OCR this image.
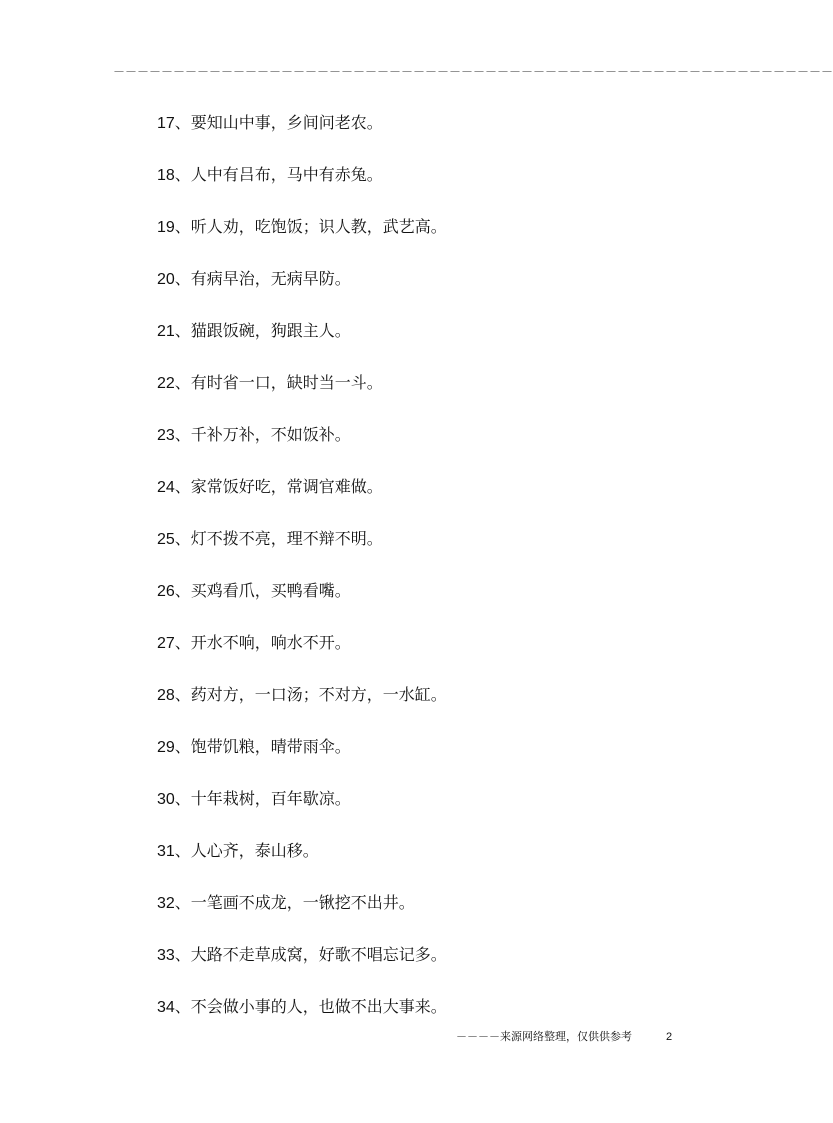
－－－－－－－－－－－－－－－－－－－－－－－－－－－－－－－－－－－－－－－－－－－－－－－－－－－－－－－－－－－－
17、要知山中事，乡间问老农。
18、人中有吕布，马中有赤兔。
19、听人劝，吃饱饭；识人教，武艺高。
20、有病早治，无病早防。
21、猫跟饭碗，狗跟主人。
22、有时省一口，缺时当一斗。
23、千补万补，不如饭补。
24、家常饭好吃，常调官难做。
25、灯不拨不亮，理不辩不明。
26、买鸡看爪，买鸭看嘴。
27、开水不响，响水不开。
28、药对方，一口汤；不对方，一水缸。
29、饱带饥粮，晴带雨伞。
30、十年栽树，百年歇凉。
31、人心齐，泰山移。
32、一笔画不成龙，一锹挖不出井。
33、大路不走草成窝，好歌不唱忘记多。
34、不会做小事的人，也做不出大事来。
－－－－来源网络整理，仅供供参考	2
